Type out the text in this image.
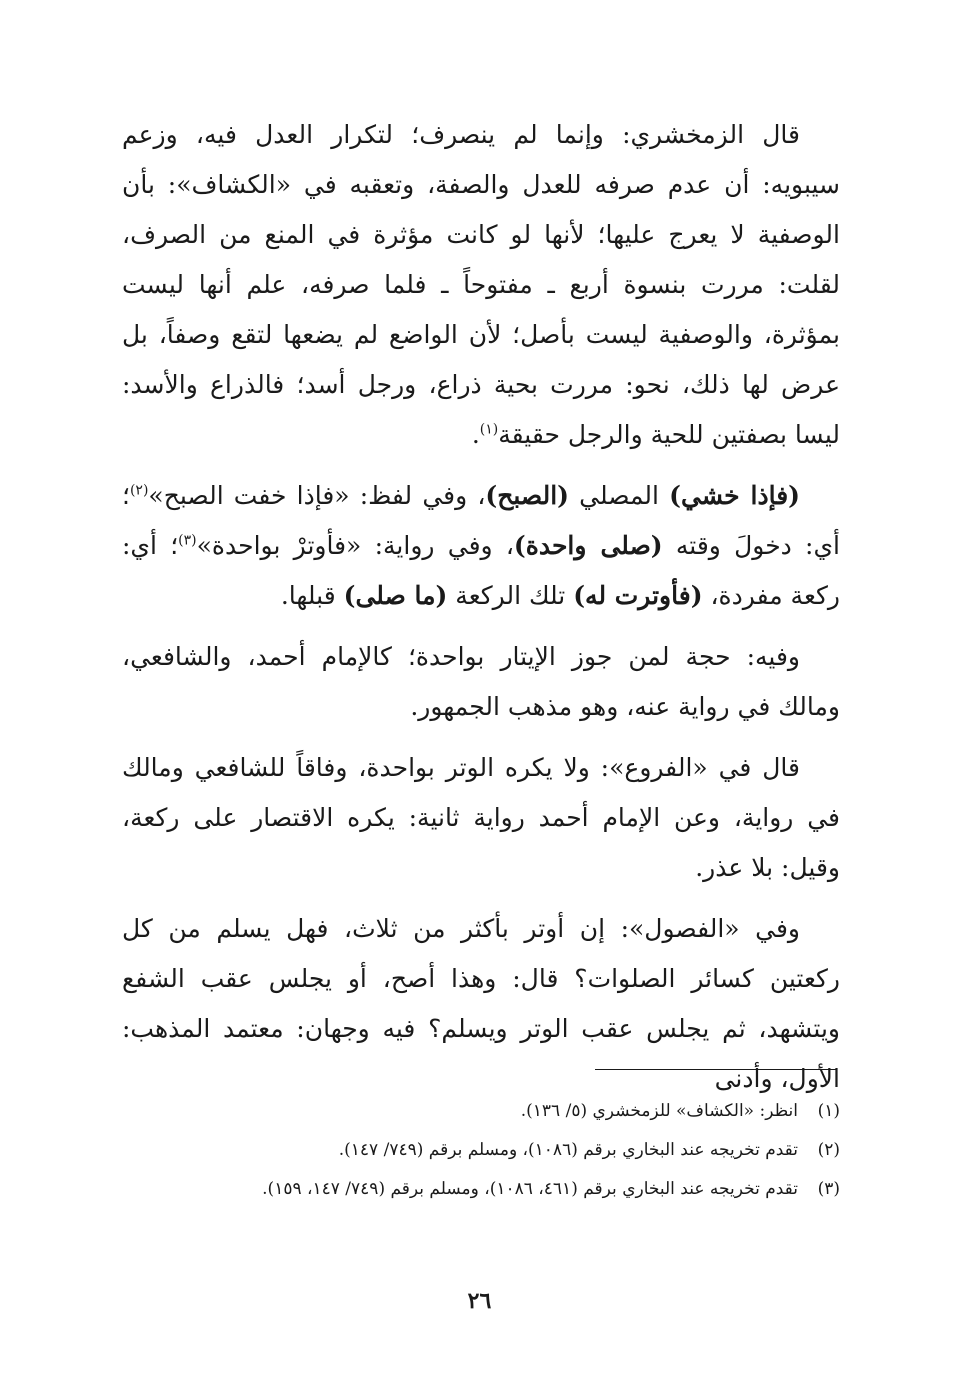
قال الزمخشري: وإنما لم ينصرف؛ لتكرار العدل فيه، وزعم سيبويه: أن عدم صرفه للعدل والصفة، وتعقبه في «الكشاف»: بأن الوصفية لا يعرج عليها؛ لأنها لو كانت مؤثرة في المنع من الصرف، لقلت: مررت بنسوة أربع ـ مفتوحاً ـ فلما صرفه، علم أنها ليست بمؤثرة، والوصفية ليست بأصل؛ لأن الواضع لم يضعها لتقع وصفاً، بل عرض لها ذلك، نحو: مررت بحية ذراع، ورجل أسد؛ فالذراع والأسد: ليسا بصفتين للحية والرجل حقيقة$^{(١)}$.

(فإذا خشي) المصلي (الصبح)، وفي لفظ: «فإذا خفت الصبح»$^{(٢)}$؛ أي: دخولَ وقته (صلى واحدة)، وفي رواية: «فأوترْ بواحدة»$^{(٣)}$؛ أي: ركعة مفردة، (فأوترت له) تلك الركعة (ما صلى) قبلها.

وفيه: حجة لمن جوز الإيتار بواحدة؛ كالإمام أحمد، والشافعي، ومالك في رواية عنه، وهو مذهب الجمهور.

قال في «الفروع»: ولا يكره الوتر بواحدة، وفاقاً للشافعي ومالك في رواية، وعن الإمام أحمد رواية ثانية: يكره الاقتصار على ركعة، وقيل: بلا عذر.

وفي «الفصول»: إن أوتر بأكثر من ثلاث، فهل يسلم من كل ركعتين كسائر الصلوات؟ قال: وهذا أصح، أو يجلس عقب الشفع ويتشهد، ثم يجلس عقب الوتر ويسلم؟ فيه وجهان: معتمد المذهب: الأول، وأدنى

(١)
انظر: «الكشاف» للزمخشري (٥/ ١٣٦).
(٢)
تقدم تخريجه عند البخاري برقم (١٠٨٦)، ومسلم برقم (٧٤٩/ ١٤٧).
(٣)
تقدم تخريجه عند البخاري برقم (٤٦١، ١٠٨٦)، ومسلم برقم (٧٤٩/ ١٤٧، ١٥٩).
٢٦
